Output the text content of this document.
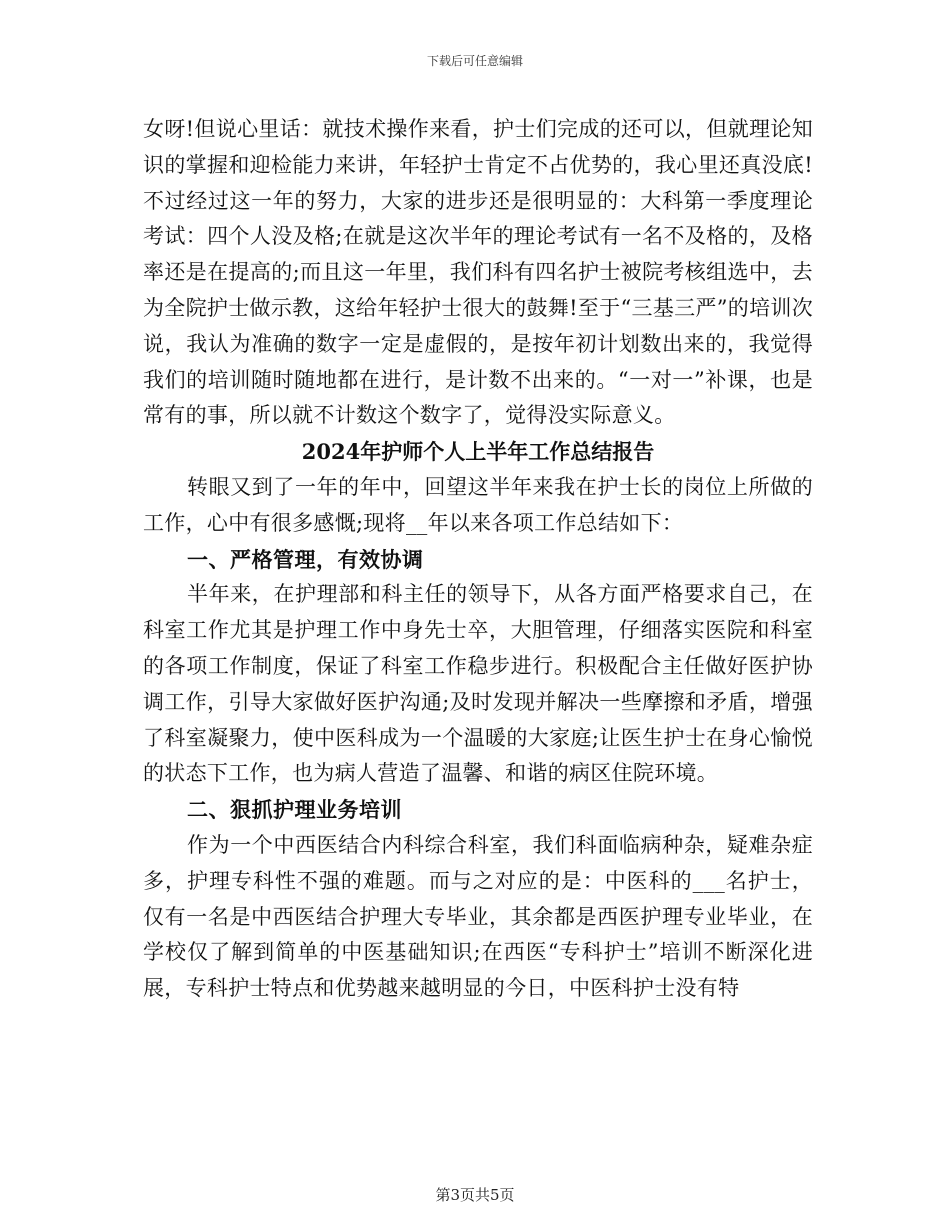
下载后可任意编辑

女呀!但说心里话：就技术操作来看，护士们完成的还可以，但就理论知识的掌握和迎检能力来讲，年轻护士肯定不占优势的，我心里还真没底!不过经过这一年的努力，大家的进步还是很明显的：大科第一季度理论考试：四个人没及格;在就是这次半年的理论考试有一名不及格的，及格率还是在提高的;而且这一年里，我们科有四名护士被院考核组选中，去为全院护士做示教，这给年轻护士很大的鼓舞!至于“三基三严”的培训次说，我认为准确的数字一定是虚假的，是按年初计划数出来的，我觉得我们的培训随时随地都在进行，是计数不出来的。“一对一”补课，也是常有的事，所以就不计数这个数字了，觉得没实际意义。

2024年护师个人上半年工作总结报告

转眼又到了一年的年中，回望这半年来我在护士长的岗位上所做的工作，心中有很多感慨;现将__年以来各项工作总结如下：

一、严格管理，有效协调

半年来，在护理部和科主任的领导下，从各方面严格要求自己，在科室工作尤其是护理工作中身先士卒，大胆管理，仔细落实医院和科室的各项工作制度，保证了科室工作稳步进行。积极配合主任做好医护协调工作，引导大家做好医护沟通;及时发现并解决一些摩擦和矛盾，增强了科室凝聚力，使中医科成为一个温暖的大家庭;让医生护士在身心愉悦的状态下工作，也为病人营造了温馨、和谐的病区住院环境。

二、狠抓护理业务培训

作为一个中西医结合内科综合科室，我们科面临病种杂，疑难杂症多，护理专科性不强的难题。而与之对应的是：中医科的___名护士，仅有一名是中西医结合护理大专毕业，其余都是西医护理专业毕业，在学校仅了解到简单的中医基础知识;在西医“专科护士”培训不断深化进展，专科护士特点和优势越来越明显的今日，中医科护士没有特

第3页共5页
